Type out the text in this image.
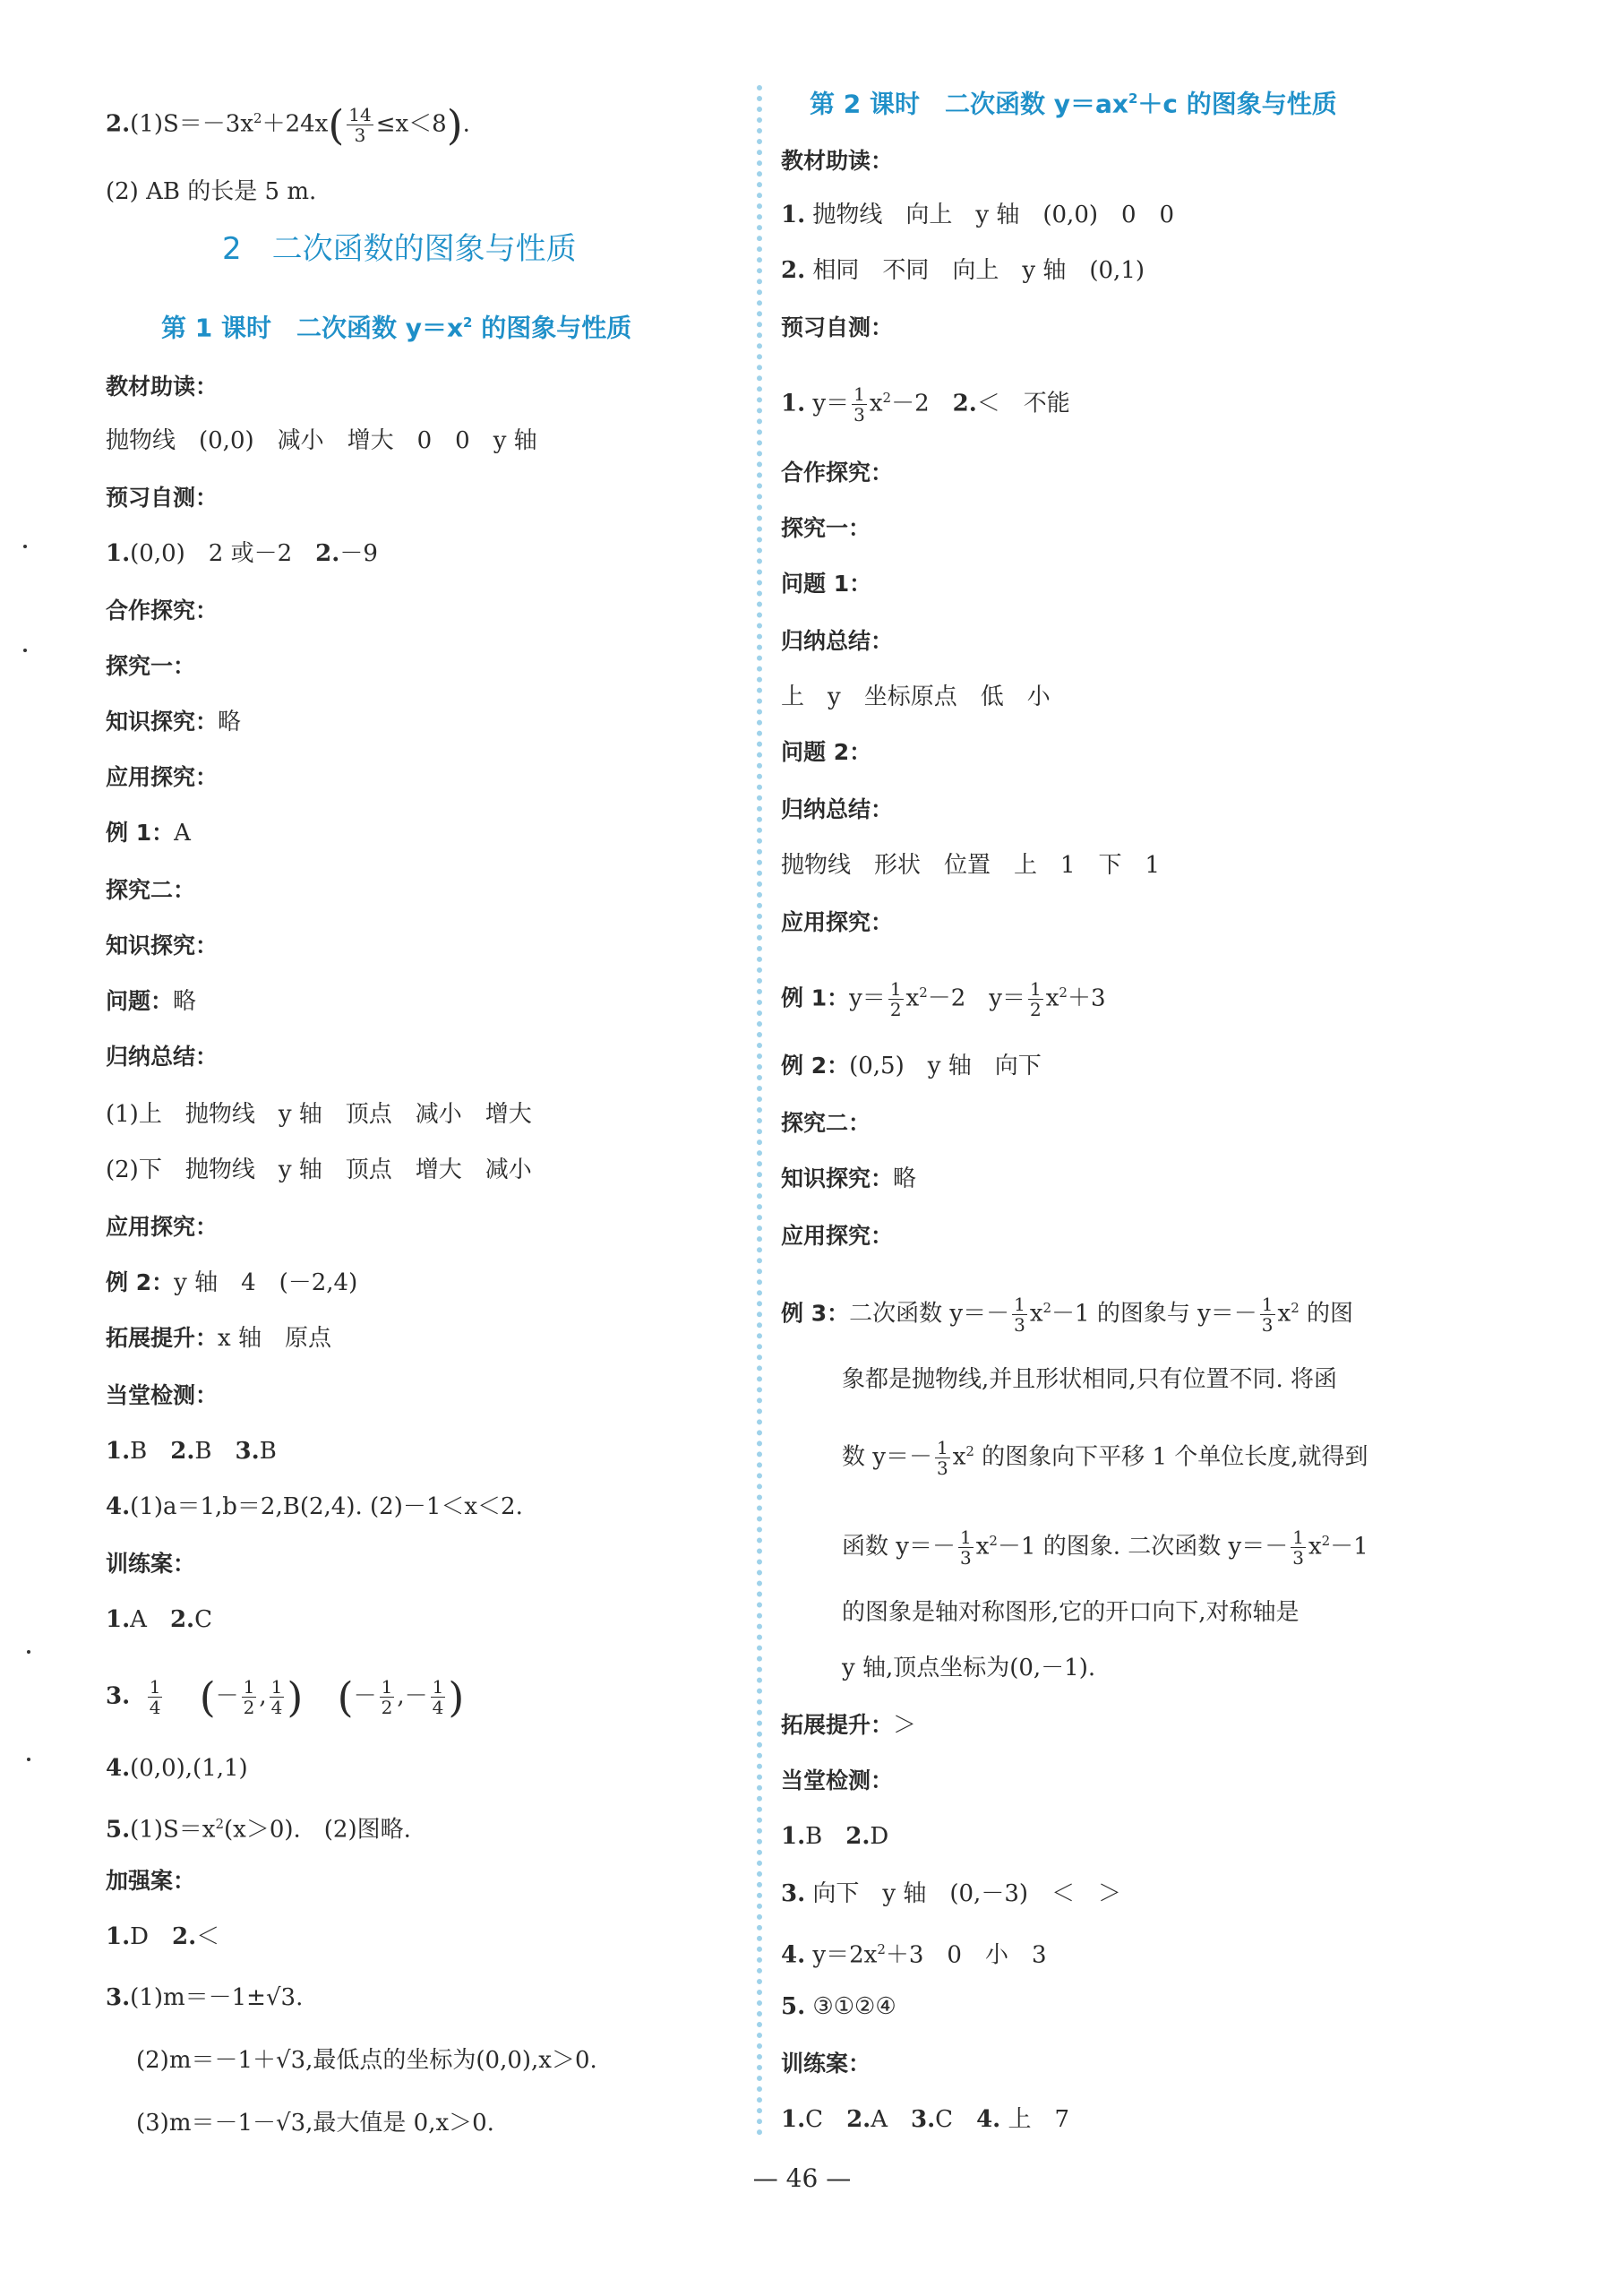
$2.(1)S=-3x^2+24x( \frac{14}{3} \le x<8)$.
(2) AB 的长是 5 m.
2　二次函数的图象与性质
第 1 课时　二次函数 $y=x^2$ 的图象与性质
教材助读：
抛物线　(0,0)　减小　增大　0　0　y 轴
预习自测：
1.(0,0)　2 或－2　2.－9
合作探究：
探究一：
知识探究：略
应用探究：
例 1：A
探究二：
知识探究：
问题：略
归纳总结：
(1)上　抛物线　y 轴　顶点　减小　增大
(2)下　抛物线　y 轴　顶点　增大　减小
应用探究：
例 2：y 轴　4　(－2,4)
拓展提升：x 轴　原点
当堂检测：
1.B　2.B　3.B
4.(1)a＝1,b＝2,B(2,4). (2)－1＜x＜2.
训练案：
1.A　2.C
3. $\frac{1}{4}$ (－ $\frac{1}{2}$ , $\frac{1}{4}$ ) (－ $\frac{1}{2}$ ,－ $\frac{1}{4}$ )
4.(0,0),(1,1)
$5.(1)S=x^2(x>0)$.　(2)图略.
加强案：
1.D　2.＜
3.(1)m＝－1±√3.
(2)m＝－1＋√3,最低点的坐标为(0,0),x＞0.
(3)m＝－1－√3,最大值是 0,x＞0.
第 2 课时　二次函数 $y=ax^2+c$ 的图象与性质
教材助读：
1. 抛物线　向上　y 轴　(0,0)　0　0
2. 相同　不同　向上　y 轴　(0,1)
预习自测：
1. $y= \frac{1}{3} x^2-2$　2.＜　不能
合作探究：
探究一：
问题 1：
归纳总结：
上　y　坐标原点　低　小
问题 2：
归纳总结：
抛物线　形状　位置　上　1　下　1
应用探究：
例 1：$y= \frac{1}{2} x^2-2$　$y= \frac{1}{2} x^2+3$
例 2：(0,5)　y 轴　向下
探究二：
知识探究：略
应用探究：
例 3：二次函数 $y=- \frac{1}{3} x^2-1$ 的图象与 $y=- \frac{1}{3} x^2$ 的图
象都是抛物线,并且形状相同,只有位置不同. 将函
数 $y=- \frac{1}{3} x^2$ 的图象向下平移 1 个单位长度,就得到
函数 $y=- \frac{1}{3} x^2-1$ 的图象. 二次函数 $y=- \frac{1}{3} x^2-1$
的图象是轴对称图形,它的开口向下,对称轴是
y 轴,顶点坐标为(0,－1).
拓展提升：＞
当堂检测：
1.B　2.D
3. 向下　y 轴　(0,－3)　＜　＞
4. $y=2x^2+3$　0　小　3
5. ③①②④
训练案：
1.C　2.A　3.C　4. 上　7
— 46 —
